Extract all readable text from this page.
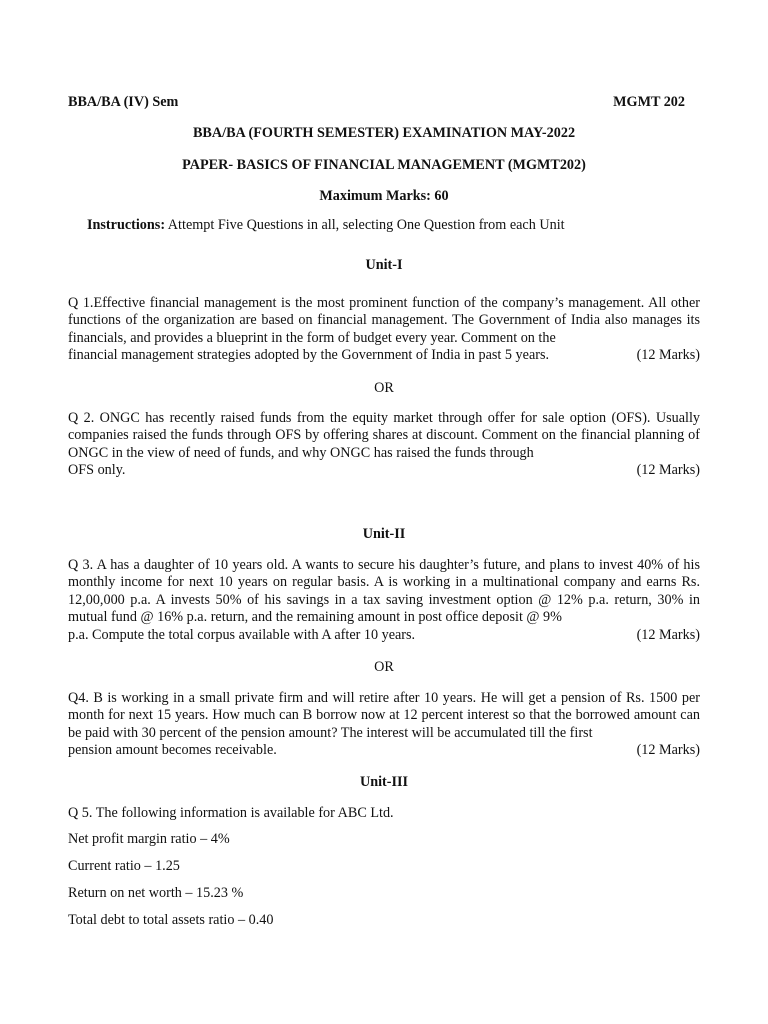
BBA/BA (IV) Sem	MGMT 202
BBA/BA (FOURTH SEMESTER) EXAMINATION MAY-2022
PAPER- BASICS OF FINANCIAL MANAGEMENT (MGMT202)
Maximum Marks: 60
Instructions: Attempt Five Questions in all, selecting One Question from each Unit
Unit-I
Q 1.Effective financial management is the most prominent function of the company’s management. All other functions of the organization are based on financial management. The Government of India also manages its financials, and provides a blueprint in the form of budget every year. Comment on the
financial management strategies adopted by the Government of India in past 5 years.	(12 Marks)
OR
Q 2. ONGC has recently raised funds from the equity market through offer for sale option (OFS). Usually companies raised the funds through OFS by offering shares at discount. Comment on the financial planning of ONGC in the view of need of funds, and why ONGC has raised the funds through
OFS only.	(12 Marks)
Unit-II
Q 3. A has a daughter of 10 years old. A wants to secure his daughter’s future, and plans to invest 40% of his monthly income for next 10 years on regular basis. A is working in a multinational company and earns Rs. 12,00,000 p.a. A invests 50% of his savings in a tax saving investment option @ 12% p.a. return, 30% in mutual fund @ 16% p.a. return, and the remaining amount in post office deposit @ 9%
p.a. Compute the total corpus available with A after 10 years.	(12 Marks)
OR
Q4. B is working in a small private firm and will retire after 10 years. He will get a pension of Rs. 1500 per month for next 15 years. How much can B borrow now at 12 percent interest so that the borrowed amount can be paid with 30 percent of the pension amount? The interest will be accumulated till the first
pension amount becomes receivable.	(12 Marks)
Unit-III
Q 5. The following information is available for ABC Ltd.
Net profit margin ratio – 4%
Current ratio – 1.25
Return on net worth – 15.23 %
Total debt to total assets ratio – 0.40
